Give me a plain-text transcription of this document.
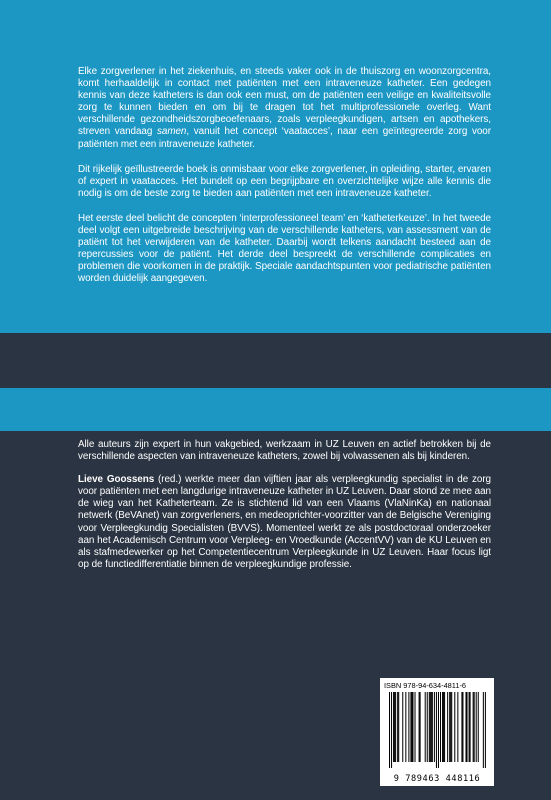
Elke zorgverlener in het ziekenhuis, en steeds vaker ook in de thuiszorg en woonzorgcentra, komt herhaaldelijk in contact met patiënten met een intraveneuze katheter. Een gedegen kennis van deze katheters is dan ook een must, om de patiënten een veilige en kwaliteitsvolle zorg te kunnen bieden en om bij te dragen tot het multiprofessionele overleg. Want verschillende gezondheidszorgbeoefenaars, zoals verpleegkundigen, artsen en apothekers, streven vandaag samen, vanuit het concept ‘vaatacces’, naar een geïntegreerde zorg voor patiënten met een intraveneuze katheter.

Dit rijkelijk geïllustreerde boek is onmisbaar voor elke zorgverlener, in opleiding, starter, ervaren of expert in vaatacces. Het bundelt op een begrijpbare en overzichtelijke wijze alle kennis die nodig is om de beste zorg te bieden aan patiënten met een intraveneuze katheter.

Het eerste deel belicht de concepten ‘interprofessioneel team’ en ‘katheterkeuze’. In het tweede deel volgt een uitgebreide beschrijving van de verschillende katheters, van assessment van de patiënt tot het verwijderen van de katheter. Daarbij wordt telkens aandacht besteed aan de repercussies voor de patiënt. Het derde deel bespreekt de verschillende complicaties en problemen die voorkomen in de praktijk. Speciale aandachtspunten voor pediatrische patiënten worden duidelijk aangegeven.

Alle auteurs zijn expert in hun vakgebied, werkzaam in UZ Leuven en actief betrokken bij de verschillende aspecten van intraveneuze katheters, zowel bij volwassenen als bij kinderen.

Lieve Goossens (red.) werkte meer dan vijftien jaar als verpleegkundig specialist in de zorg voor patiënten met een langdurige intraveneuze katheter in UZ Leuven. Daar stond ze mee aan de wieg van het Katheterteam. Ze is stichtend lid van een Vlaams (VlaNinKa) en nationaal netwerk (BeVAnet) van zorgverleners, en medeoprichter-voorzitter van de Belgische Vereniging voor Verpleegkundig Specialisten (BVVS). Momenteel werkt ze als postdoctoraal onderzoeker aan het Academisch Centrum voor Verpleeg- en Vroedkunde (AccentVV) van de KU Leuven en als stafmedewerker op het Competentiecentrum Verpleegkunde in UZ Leuven. Haar focus ligt op de functiedifferentiatie binnen de verpleegkundige professie.

ISBN 978-94-634-4811-6
9 789463 448116
